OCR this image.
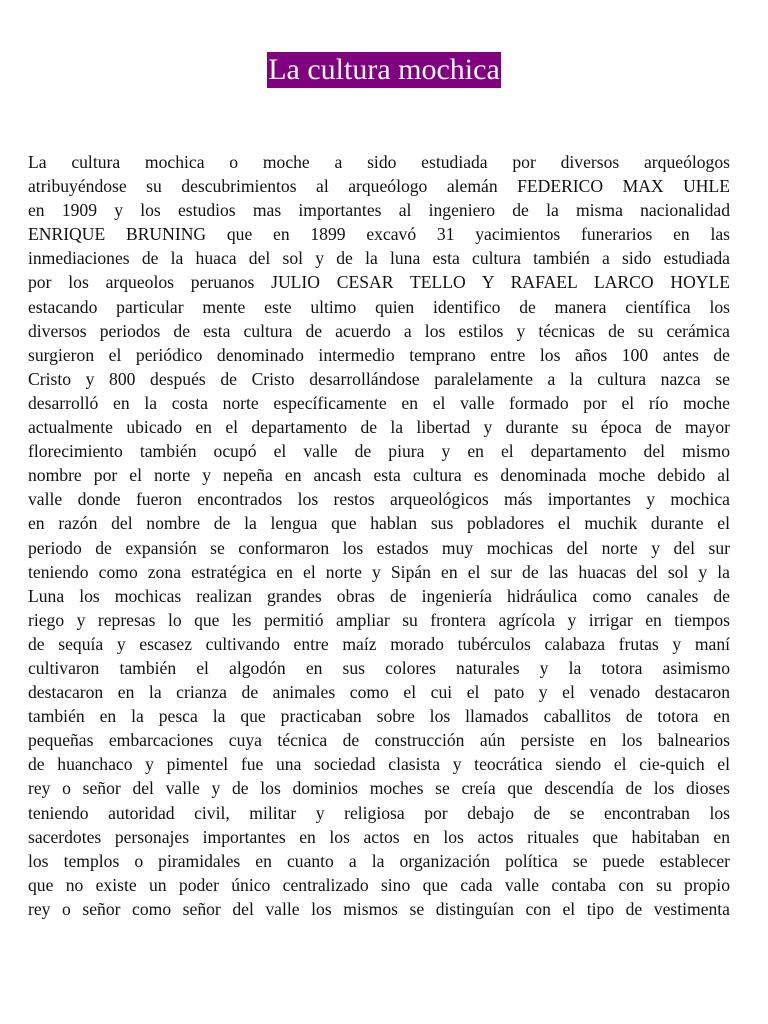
La cultura mochica
La cultura mochica o moche a sido estudiada por diversos arqueólogos
atribuyéndose su descubrimientos al arqueólogo alemán FEDERICO MAX UHLE
en 1909 y los estudios mas importantes al ingeniero de la misma nacionalidad
ENRIQUE BRUNING que en 1899 excavó 31 yacimientos funerarios en las
inmediaciones de la huaca del sol y de la luna esta cultura también a sido estudiada
por los arqueolos peruanos JULIO CESAR TELLO Y RAFAEL LARCO HOYLE
estacando particular mente este ultimo quien identifico de manera científica los
diversos periodos de esta cultura de acuerdo a los estilos y técnicas de su cerámica
surgieron el periódico denominado intermedio temprano entre los años 100 antes de
Cristo y 800 después de Cristo desarrollándose paralelamente a la cultura nazca se
desarrolló en la costa norte específicamente en el valle formado por el río moche
actualmente ubicado en el departamento de la libertad y durante su época de mayor
florecimiento también ocupó el valle de piura y en el departamento del mismo
nombre por el norte y nepeña en ancash esta cultura es denominada moche debido al
valle donde fueron encontrados los restos arqueológicos más importantes y mochica
en razón del nombre de la lengua que hablan sus pobladores el muchik durante el
periodo de expansión se conformaron los estados muy mochicas del norte y del sur
teniendo como zona estratégica en el norte y Sipán en el sur de las huacas del sol y la
Luna los mochicas realizan grandes obras de ingeniería hidráulica como canales de
riego y represas lo que les permitió ampliar su frontera agrícola y irrigar en tiempos
de sequía y escasez cultivando entre maíz morado tubérculos calabaza frutas y maní
cultivaron también el algodón en sus colores naturales y la totora asimismo
destacaron en la crianza de animales como el cui el pato y el venado destacaron
también en la pesca la que practicaban sobre los llamados caballitos de totora en
pequeñas embarcaciones cuya técnica de construcción aún persiste en los balnearios
de huanchaco y pimentel fue una sociedad clasista y teocrática siendo el cie-quich el
rey o señor del valle y de los dominios moches se creía que descendía de los dioses
teniendo autoridad civil, militar y religiosa por debajo de se encontraban los
sacerdotes personajes importantes en los actos en los actos rituales que habitaban en
los templos o piramidales en cuanto a la organización política se puede establecer
que no existe un poder único centralizado sino que cada valle contaba con su propio
rey o señor como señor del valle los mismos se distinguían con el tipo de vestimenta
